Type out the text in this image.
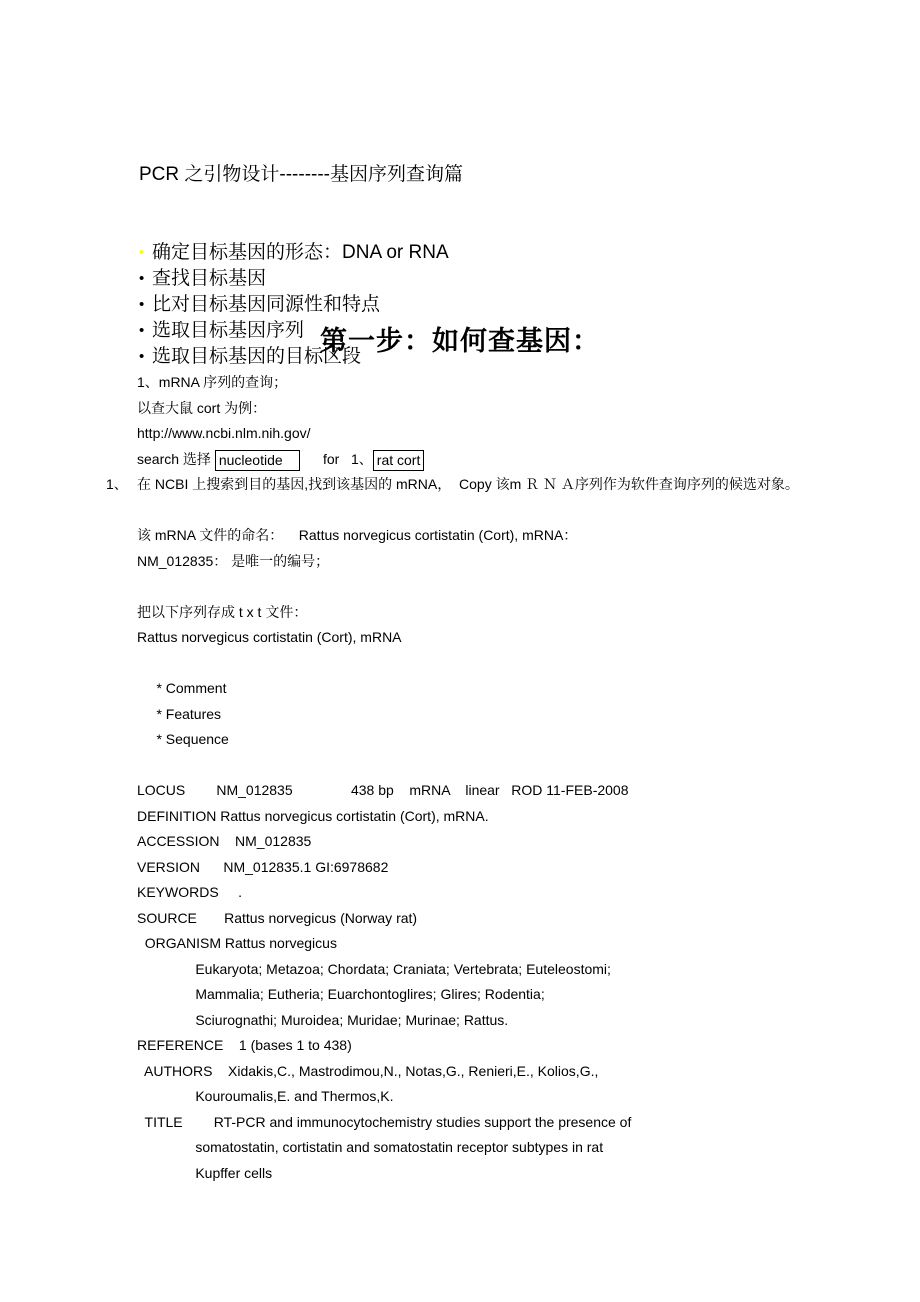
PCR 之引物设计--------基因序列查询篇

• 确定目标基因的形态：DNA or RNA
• 查找目标基因
• 比对目标基因同源性和特点
• 选取目标基因序列
• 选取目标基因的目标区段

第一步：如何查基因：
1、mRNA 序列的查询；
以查大鼠 cort 为例：
http://www.ncbi.nlm.nih.gov/
search 选择 nucleotide      for   1、 rat cort
1、 在 NCBI 上搜索到目的基因,找到该基因的 mRNA，  Copy 该m Ｒ Ｎ Ａ序列作为软件查询序列的候选对象。
该 mRNA 文件的命名：    Rattus norvegicus cortistatin (Cort), mRNA：
NM_012835： 是唯一的编号；
把以下序列存成 t x t 文件：
Rattus norvegicus cortistatin (Cort), mRNA
* Comment
* Features
* Sequence
LOCUS        NM_012835               438 bp    mRNA    linear   ROD 11-FEB-2008
DEFINITION Rattus norvegicus cortistatin (Cort), mRNA.
ACCESSION    NM_012835
VERSION      NM_012835.1 GI:6978682
KEYWORDS     .
SOURCE       Rattus norvegicus (Norway rat)
ORGANISM Rattus norvegicus
Eukaryota; Metazoa; Chordata; Craniata; Vertebrata; Euteleostomi;
Mammalia; Eutheria; Euarchontoglires; Glires; Rodentia;
Sciurognathi; Muroidea; Muridae; Murinae; Rattus.
REFERENCE    1 (bases 1 to 438)
AUTHORS    Xidakis,C., Mastrodimou,N., Notas,G., Renieri,E., Kolios,G.,
Kouroumalis,E. and Thermos,K.
TITLE        RT-PCR and immunocytochemistry studies support the presence of
somatostatin, cortistatin and somatostatin receptor subtypes in rat
Kupffer cells
